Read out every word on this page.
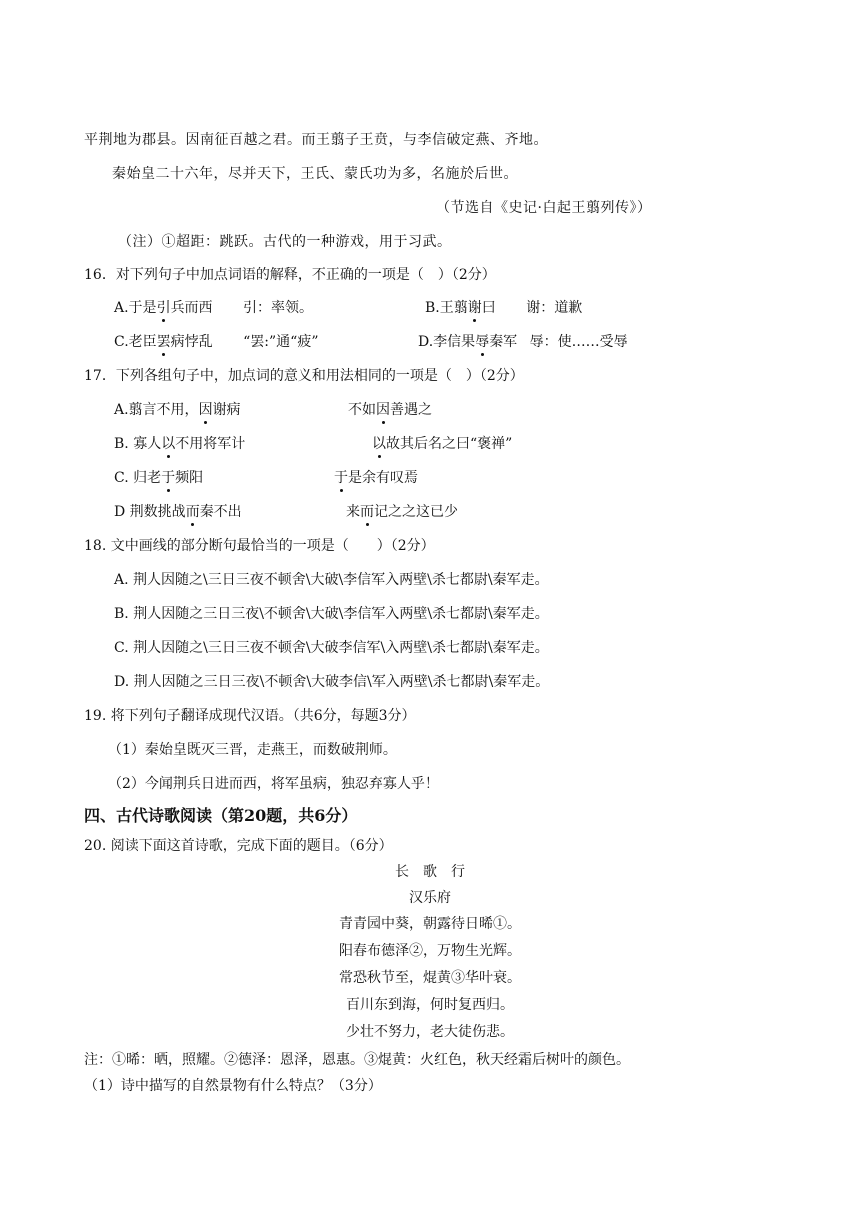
平荆地为郡县。因南征百越之君。而王翦子王贲，与李信破定燕、齐地。
秦始皇二十六年，尽并天下，王氏、蒙氏功为多，名施於后世。
（节选自《史记·白起王翦列传》）
（注）①超距：跳跃。古代的一种游戏，用于习武。
16．对下列句子中加点词语的解释，不正确的一项是（　）（2分）
A.于是引兵而西 引：率领。	B.王翦谢曰 谢：道歉
C.老臣罢病悖乱 “罢:”通“疲”	D.李信果辱秦军 辱：使……受辱
17．下列各组句子中，加点词的意义和用法相同的一项是（　）（2分）
A.翦言不用，因谢病	不如因善遇之
B. 寡人以不用将军计	以故其后名之曰“褒禅”
C. 归老于频阳	于是余有叹焉
D 荆数挑战而秦不出	来而记之之这已少
18. 文中画线的部分断句最恰当的一项是（　　）（2分）
A. 荆人因随之\三日三夜不顿舍\大破\李信军入两壁\杀七都尉\秦军走。
B. 荆人因随之三日三夜\不顿舍\大破\李信军入两壁\杀七都尉\秦军走。
C. 荆人因随之\三日三夜不顿舍\大破李信军\入两壁\杀七都尉\秦军走。
D. 荆人因随之三日三夜\不顿舍\大破李信\军入两壁\杀七都尉\秦军走。
19. 将下列句子翻译成现代汉语。（共6分，每题3分）
（1）秦始皇既灭三晋，走燕王，而数破荆师。
（2）今闻荆兵日进而西，将军虽病，独忍弃寡人乎！
四、古代诗歌阅读（第20题，共6分）
20. 阅读下面这首诗歌，完成下面的题目。（6分）
长　歌　行
汉乐府
青青园中葵，朝露待日晞①。
阳春布德泽②，万物生光辉。
常恐秋节至，焜黄③华叶衰。
百川东到海，何时复西归。
少壮不努力，老大徒伤悲。
注：①晞：晒，照耀。②德泽：恩泽，恩惠。③焜黄：火红色，秋天经霜后树叶的颜色。
（1）诗中描写的自然景物有什么特点？（3分）
